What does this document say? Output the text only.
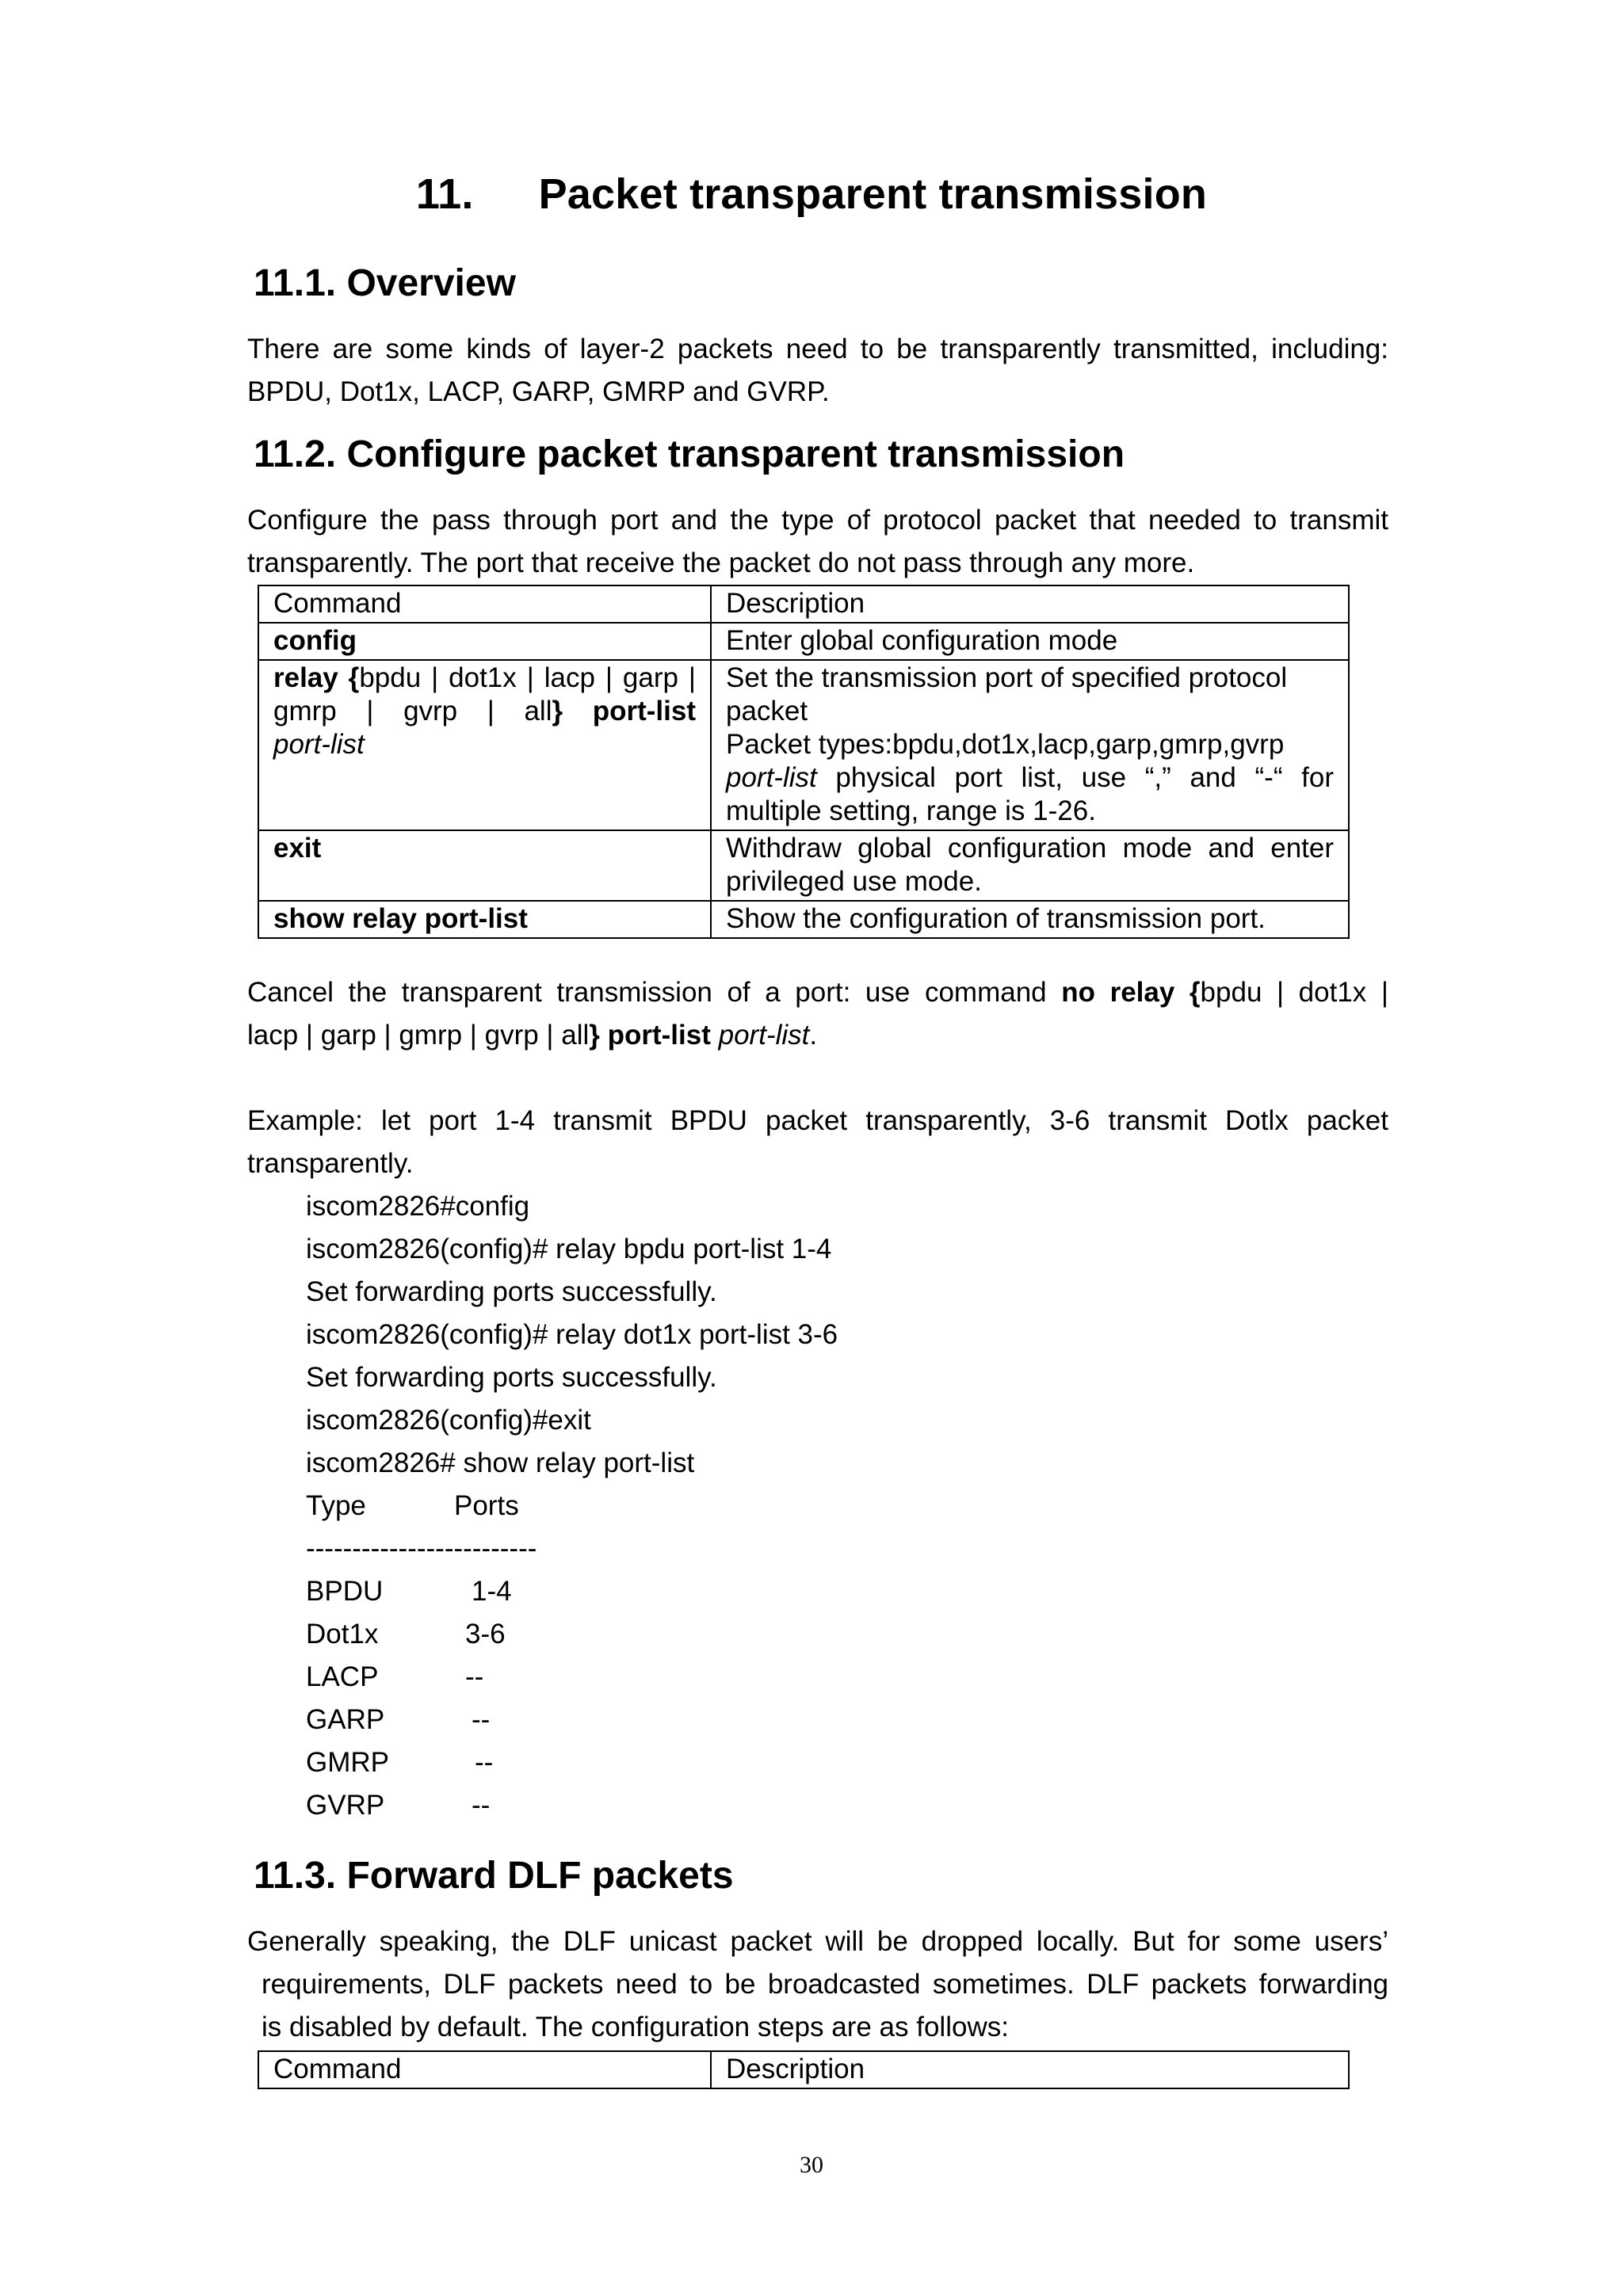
11. Packet transparent transmission
11.1. Overview
There are some kinds of layer-2 packets need to be transparently transmitted, including:
BPDU, Dot1x, LACP, GARP, GMRP and GVRP.
11.2. Configure packet transparent transmission
Configure the pass through port and the type of protocol packet that needed to transmit
transparently. The port that receive the packet do not pass through any more.
Command	Description
config	Enter global configuration mode

relay {bpdu | dot1x | lacp | garp |
gmrp | gvrp | all} port-list
port-list	Set the transmission port of specified protocol
packet
Packet types:bpdu,dot1x,lacp,garp,gmrp,gvrp
port-list physical port list, use “,” and “-“ for
multiple setting, range is 1-26.

exit	Withdraw global configuration mode and enter
privileged use mode.

show relay port-list	Show the configuration of transmission port.
Cancel the transparent transmission of a port: use command no relay {bpdu | dot1x |
lacp | garp | gmrp | gvrp | all} port-list port-list.
Example: let port 1-4 transmit BPDU packet transparently, 3-6 transmit Dotlx packet
transparently.
iscom2826#config
iscom2826(config)# relay bpdu port-list 1-4
Set forwarding ports successfully.
iscom2826(config)# relay dot1x port-list 3-6
Set forwarding ports successfully.
iscom2826(config)#exit
iscom2826# show relay port-list
Type	Ports
-------------------------
BPDU	1-4
Dot1x	3-6
LACP	--
GARP	--
GMRP	--
GVRP	--
11.3. Forward DLF packets
Generally speaking, the DLF unicast packet will be dropped locally. But for some users’
requirements, DLF packets need to be broadcasted sometimes. DLF packets forwarding
is disabled by default. The configuration steps are as follows:
Command	Description
30
